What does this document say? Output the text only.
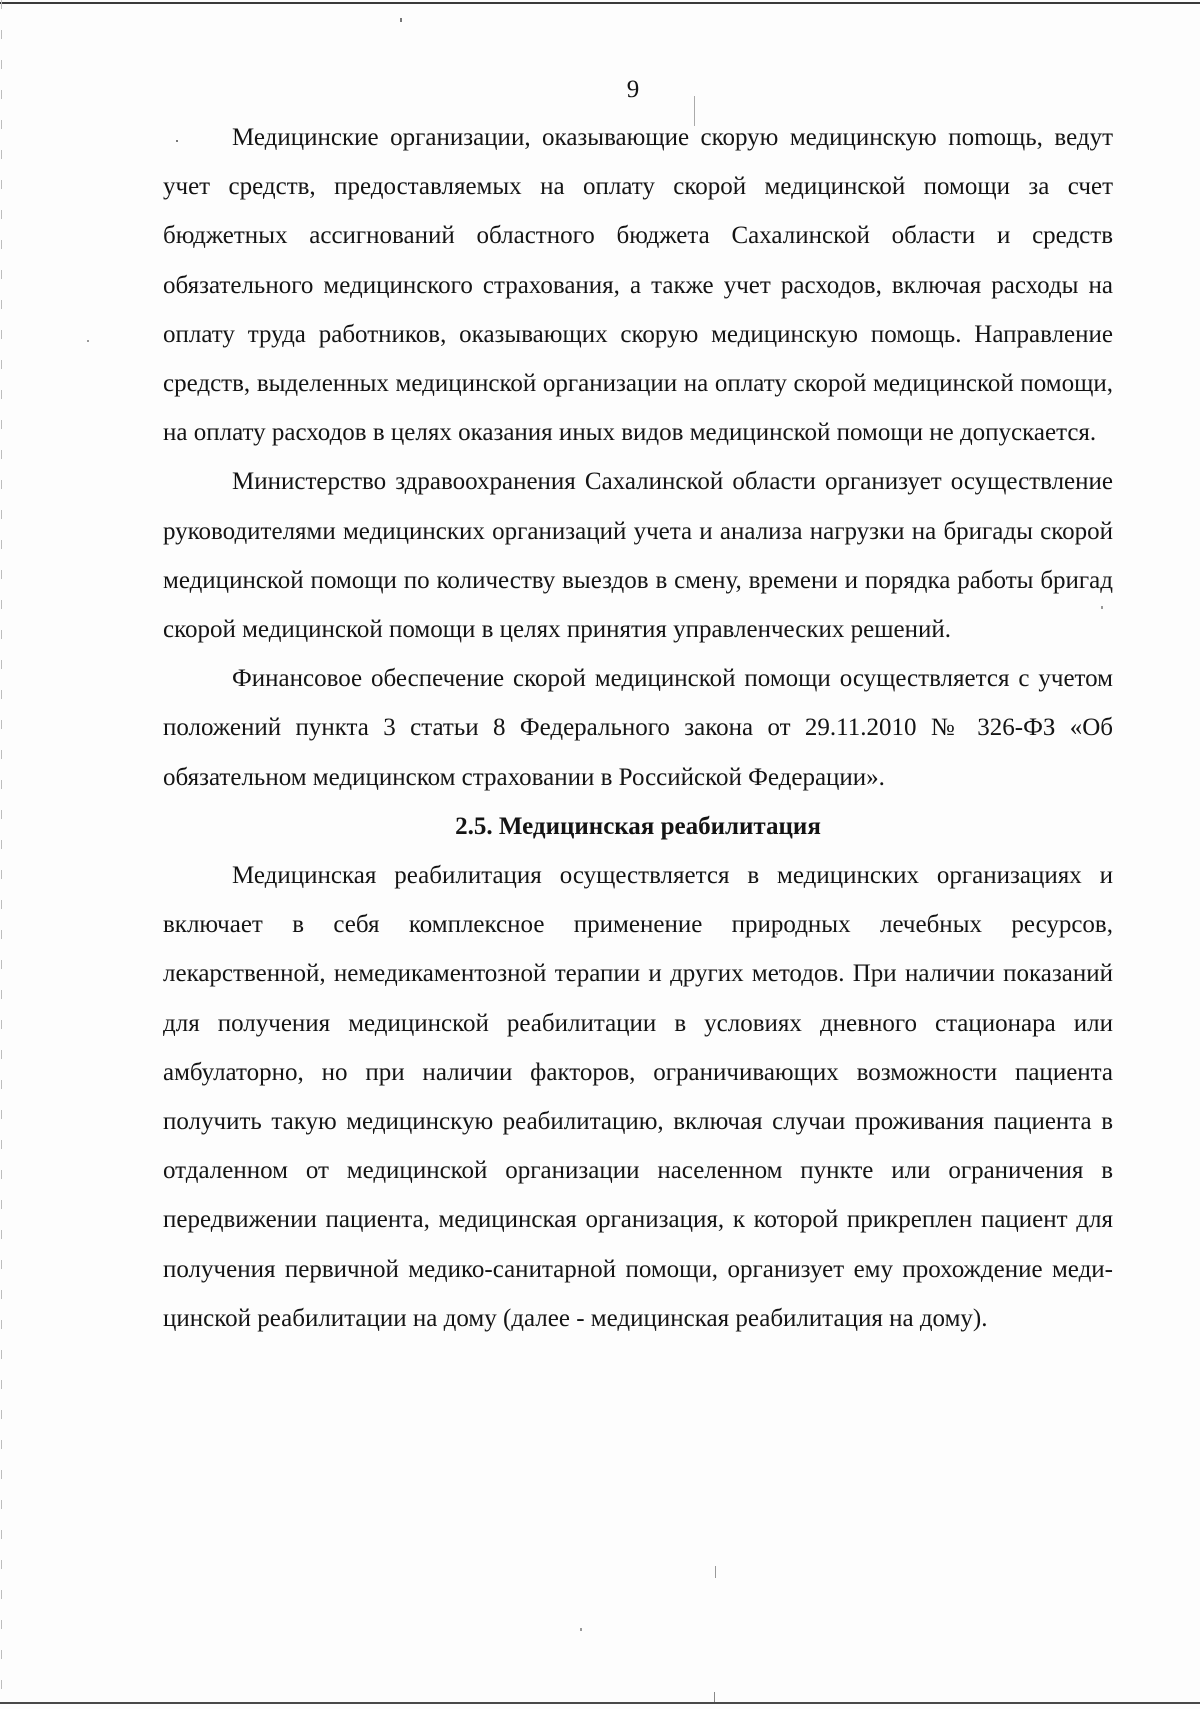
9

Медицинские организации, оказывающие скорую медицинскую поmощь, ведут учет средств, предоставляемых на оплату скорой медицинской помощи за счет бюджетных ассигнований областного бюджета Сахалинской области и средств обязательного медицинского страхования, а также учет расходов, включая расходы на оплату труда работников, оказывающих скорую медицинскую помощь. Направление средств, выделенных медицинской организации на оплату скорой медицинской помощи, на оплату расходов в целях оказания иных видов медицинской помощи не допускается.

Министерство здравоохранения Сахалинской области организует осуществление руководителями медицинских организаций учета и анализа нагрузки на бригады скорой медицинской помощи по количеству выездов в смену, времени и порядка работы бригад скорой медицинской помощи в целях принятия управленческих решений.

Финансовое обеспечение скорой медицинской помощи осуществляется с учетом положений пункта 3 статьи 8 Федерального закона от 29.11.2010 № 326-ФЗ «Об обязательном медицинском страховании в Российской Федерации».

2.5. Медицинская реабилитация

Медицинская реабилитация осуществляется в медицинских организациях и включает в себя комплексное применение природных лечебных ресурсов, лекарственной, немедикаментозной терапии и других методов. При наличии показаний для получения медицинской реабилитации в условиях дневного стационара или амбулаторно, но при наличии факторов, ограничивающих возможности пациента получить такую медицинскую реабилитацию, включая случаи проживания пациента в отдаленном от медицинской организации населенном пункте или ограничения в передвижении пациента, медицинская организация, к которой прикреплен пациент для получения первичной медико-санитарной помощи, организует ему прохождение медицинской реабилитации на дому (далее - медицинская реабилитация на дому).
